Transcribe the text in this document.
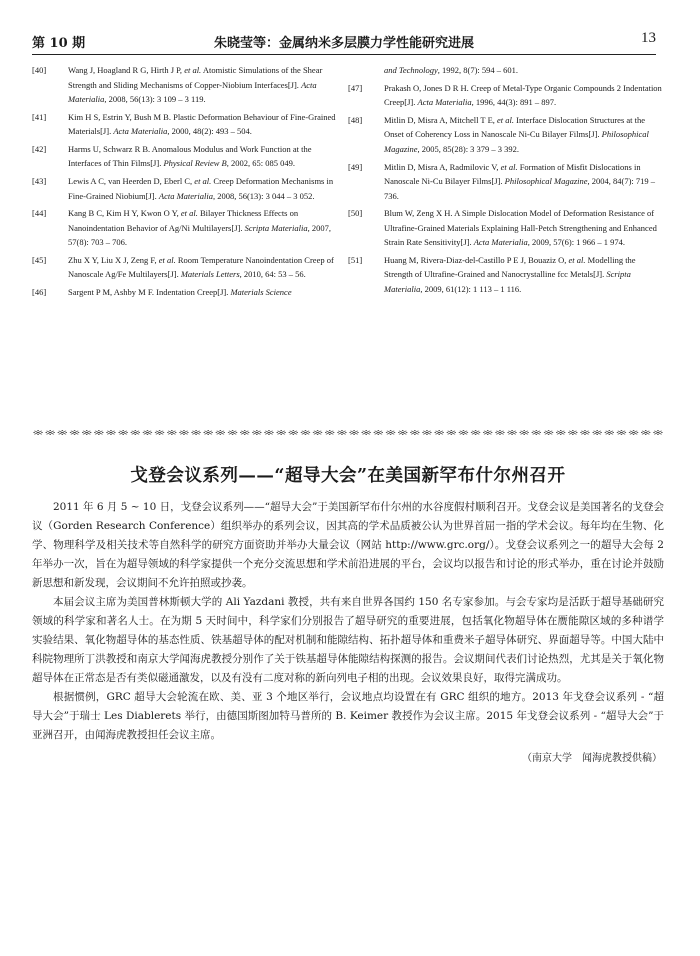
第 10 期	朱晓莹等：金属纳米多层膜力学性能研究进展	13
[40]	Wang J, Hoagland R G, Hirth J P, et al. Atomistic Simulations of the Shear Strength and Sliding Mechanisms of Copper-Niobium Interfaces[J]. Acta Materialia, 2008, 56(13): 3 109 – 3 119.
[41]	Kim H S, Estrin Y, Bush M B. Plastic Deformation Behaviour of Fine-Grained Materials[J]. Acta Materialia, 2000, 48(2): 493 – 504.
[42]	Harms U, Schwarz R B. Anomalous Modulus and Work Function at the Interfaces of Thin Films[J]. Physical Review B, 2002, 65: 085 049.
[43]	Lewis A C, van Heerden D, Eberl C, et al. Creep Deformation Mechanisms in Fine-Grained Niobium[J]. Acta Materialia, 2008, 56(13): 3 044 – 3 052.
[44]	Kang B C, Kim H Y, Kwon O Y, et al. Bilayer Thickness Effects on Nanoindentation Behavior of Ag/Ni Multilayers[J]. Scripta Materialia, 2007, 57(8): 703 – 706.
[45]	Zhu X Y, Liu X J, Zeng F, et al. Room Temperature Nanoindentation Creep of Nanoscale Ag/Fe Multilayers[J]. Materials Letters, 2010, 64: 53 – 56.
[46]	Sargent P M, Ashby M F. Indentation Creep[J]. Materials Science
and Technology, 1992, 8(7): 594 – 601.
[47]	Prakash O, Jones D R H. Creep of Metal-Type Organic Compounds 2 Indentation Creep[J]. Acta Materialia, 1996, 44(3): 891 – 897.
[48]	Mitlin D, Misra A, Mitchell T E, et al. Interface Dislocation Structures at the Onset of Coherency Loss in Nanoscale Ni-Cu Bilayer Films[J]. Philosophical Magazine, 2005, 85(28): 3 379 – 3 392.
[49]	Mitlin D, Misra A, Radmilovic V, et al. Formation of Misfit Dislocations in Nanoscale Ni-Cu Bilayer Films[J]. Philosophical Magazine, 2004, 84(7): 719 – 736.
[50]	Blum W, Zeng X H. A Simple Dislocation Model of Deformation Resistance of Ultrafine-Grained Materials Explaining Hall-Petch Strengthening and Enhanced Strain Rate Sensitivity[J]. Acta Materialia, 2009, 57(6): 1 966 – 1 974.
[51]	Huang M, Rivera-Diaz-del-Castillo P E J, Bouaziz O, et al. Modelling the Strength of Ultrafine-Grained and Nanocrystalline fcc Metals[J]. Scripta Materialia, 2009, 61(12): 1 113 – 1 116.
※※※※※※※※※※※※※※※※※※※※※※※※※※※※※※※※※※※※※※※※※※※※※※※※※※※※
戈登会议系列——“超导大会”在美国新罕布什尔州召开

2011 年 6 月 5 ~ 10 日，戈登会议系列——“超导大会”于美国新罕布什尔州的水谷度假村顺利召开。戈登会议是美国著名的戈登会议（Gorden Research Conference）组织举办的系列会议，因其高的学术品质被公认为世界首屈一指的学术会议。每年均在生物、化学、物理科学及相关技术等自然科学的研究方面资助并举办大量会议（网站 http://www.grc.org/）。戈登会议系列之一的超导大会每 2 年举办一次，旨在为超导领域的科学家提供一个充分交流思想和学术前沿进展的平台，会议均以报告和讨论的形式举办，重在讨论并鼓励新思想和新发现，会议期间不允许拍照或抄袭。

本届会议主席为美国普林斯顿大学的 Ali Yazdani 教授，共有来自世界各国约 150 名专家参加。与会专家均是活跃于超导基础研究领域的科学家和著名人士。在为期 5 天时间中，科学家们分别报告了超导研究的重要进展，包括氧化物超导体在赝能隙区域的多种谱学实验结果、氧化物超导体的基态性质、铁基超导体的配对机制和能隙结构、拓扑超导体和重费米子超导体研究、界面超导等。中国大陆中科院物理所丁洪教授和南京大学闻海虎教授分别作了关于铁基超导体能隙结构探测的报告。会议期间代表们讨论热烈，尤其是关于氧化物超导体在正常态是否有类似磁通激发，以及有没有二度对称的新向列电子相的出现。会议效果良好，取得完满成功。

根据惯例，GRC 超导大会轮流在欧、美、亚 3 个地区举行，会议地点均设置在有 GRC 组织的地方。2013 年戈登会议系列 - “超导大会”于瑞士 Les Diablerets 举行，由德国斯图加特马普所的 B. Keimer 教授作为会议主席。2015 年戈登会议系列 - “超导大会”于亚洲召开，由闻海虎教授担任会议主席。

（南京大学　闻海虎教授供稿）
